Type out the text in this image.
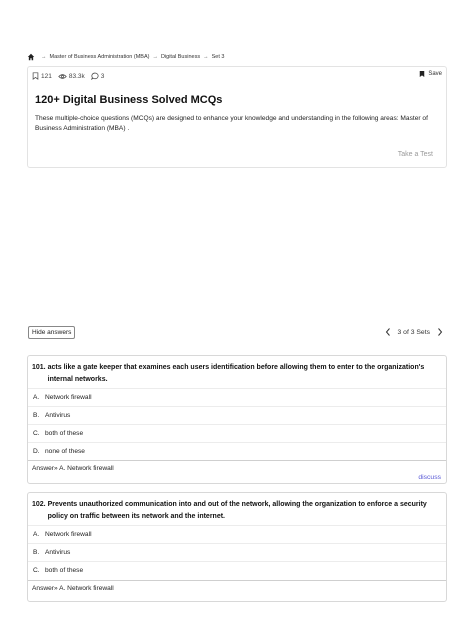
→ Master of Business Administration (MBA) → Digital Business → Set 3
121	83.3k 3	Save
120+ Digital Business Solved MCQs
These multiple-choice questions (MCQs) are designed to enhance your knowledge and understanding in the following areas: Master of Business Administration (MBA) .
Take a Test
Hide answers	3 of 3 Sets
101. acts like a gate keeper that examines each users identification before allowing them to enter to the organization's internal networks.
A. Network firewall
B. Antivirus
C. both of these
D. none of these
Answer» A. Network firewall
discuss
102. Prevents unauthorized communication into and out of the network, allowing the organization to enforce a security policy on traffic between its network and the internet.
A. Network firewall
B. Antivirus
C. both of these
Answer» A. Network firewall
